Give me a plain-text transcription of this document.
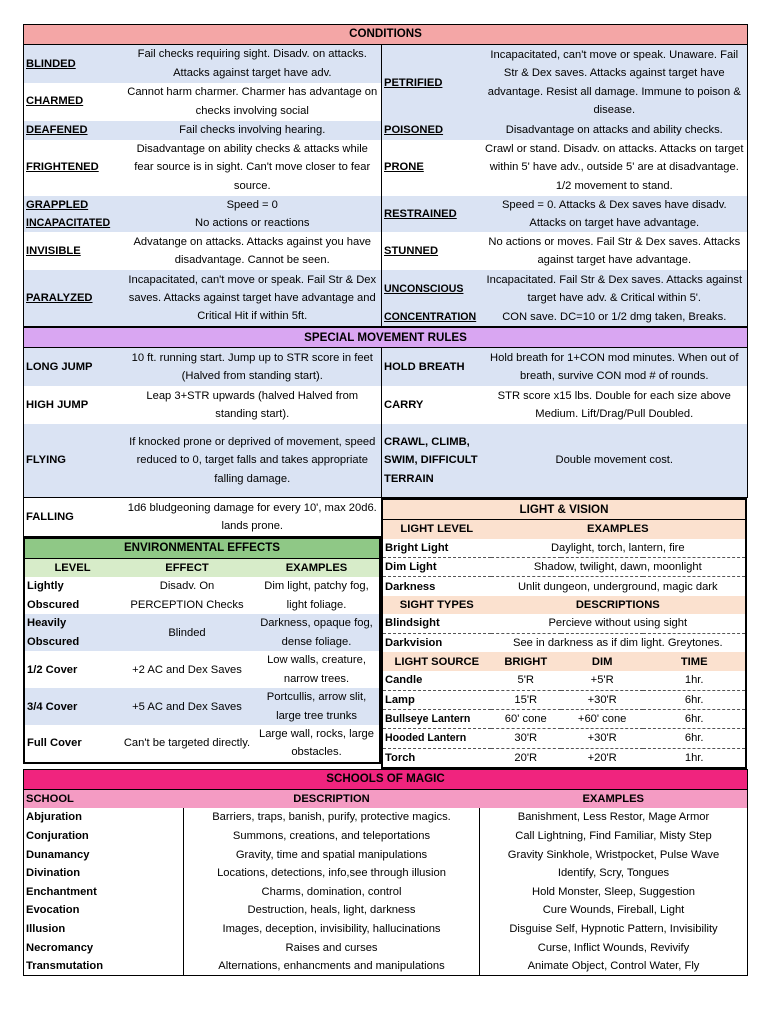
CONDITIONS			
BLINDED	Fail checks requiring sight. Disadv. on attacks. Attacks against target have adv.	PETRIFIED	Incapacitated, can't move or speak. Unaware. Fail Str & Dex saves. Attacks against target have advantage. Resist all damage. Immune to poison & disease.
CHARMED	Cannot harm charmer. Charmer has advantage on checks involving social		
DEAFENED	Fail checks involving hearing.	POISONED	Disadvantage on attacks and ability checks.
FRIGHTENED	Disadvantage on ability checks & attacks while fear source is in sight. Can't move closer to fear source.	PRONE	Crawl or stand. Disadv. on attacks. Attacks on target within 5' have adv., outside 5' are at disadvantage. 1/2 movement to stand.
GRAPPLED	Speed = 0	RESTRAINED	Speed = 0. Attacks & Dex saves have disadv. Attacks on target have advantage.
INCAPACITATED	No actions or reactions		
INVISIBLE	Advatange on attacks. Attacks against you have disadvantage. Cannot be seen.	STUNNED	No actions or moves. Fail Str & Dex saves. Attacks against target have advantage.
PARALYZED	Incapacitated, can't move or speak. Fail Str & Dex saves. Attacks against target have advantage and Critical Hit if within 5ft.	UNCONSCIOUS	Incapacitated. Fail Str & Dex saves. Attacks against target have adv. & Critical within 5'.
		CONCENTRATION	CON save. DC=10 or 1/2 dmg taken, Breaks.
SPECIAL MOVEMENT RULES			
LONG JUMP	10 ft. running start. Jump up to STR score in feet (Halved from standing start).	HOLD BREATH	Hold breath for 1+CON mod minutes. When out of breath, survive CON mod # of rounds.
HIGH JUMP	Leap 3+STR upwards (halved Halved from standing start).	CARRY	STR score x15 lbs. Double for each size above Medium. Lift/Drag/Pull Doubled.
FLYING	If knocked prone or deprived of movement, speed reduced to 0, target falls and takes appropriate falling damage.	CRAWL, CLIMB, SWIM, DIFFICULT TERRAIN	Double movement cost.
FALLING	1d6 bludgeoning damage for every 10', max 20d6. lands prone.
ENVIRONMENTAL EFFECTS		
LEVEL	EFFECT	EXAMPLES
Lightly Obscured	Disadv. On PERCEPTION Checks	Dim light, patchy fog, light foliage.
Heavily Obscured	Blinded	Darkness, opaque fog, dense foliage.
1/2 Cover	+2 AC and Dex Saves	Low walls, creature, narrow trees.
3/4 Cover	+5 AC and Dex Saves	Portcullis, arrow slit, large tree trunks
Full Cover	Can't be targeted directly.	Large wall, rocks, large obstacles.
LIGHT & VISION			
LIGHT LEVEL	EXAMPLES		
Bright Light	Daylight, torch, lantern, fire		
Dim Light	Shadow, twilight, dawn, moonlight		
Darkness	Unlit dungeon, underground, magic dark		
SIGHT TYPES	DESCRIPTIONS		
Blindsight	Percieve without using sight		
Darkvision	See in darkness as if dim light. Greytones.		
LIGHT SOURCE	BRIGHT	DIM	TIME
Candle	5'R	+5'R	1hr.
Lamp	15'R	+30'R	6hr.
Bullseye Lantern	60' cone	+60' cone	6hr.
Hooded Lantern	30'R	+30'R	6hr.
Torch	20'R	+20'R	1hr.
SCHOOLS OF MAGIC		
SCHOOL	DESCRIPTION	EXAMPLES
Abjuration	Barriers, traps, banish, purify, protective magics.	Banishment, Less Restor, Mage Armor
Conjuration	Summons, creations, and teleportations	Call Lightning, Find Familiar, Misty Step
Dunamancy	Gravity, time and spatial manipulations	Gravity Sinkhole, Wristpocket, Pulse Wave
Divination	Locations, detections, info,see through illusion	Identify, Scry, Tongues
Enchantment	Charms, domination, control	Hold Monster, Sleep, Suggestion
Evocation	Destruction, heals, light, darkness	Cure Wounds, Fireball, Light
Illusion	Images, deception, invisibility, hallucinations	Disguise Self, Hypnotic Pattern, Invisibility
Necromancy	Raises and curses	Curse, Inflict Wounds, Revivify
Transmutation	Alternations, enhancments and manipulations	Animate Object, Control Water, Fly
